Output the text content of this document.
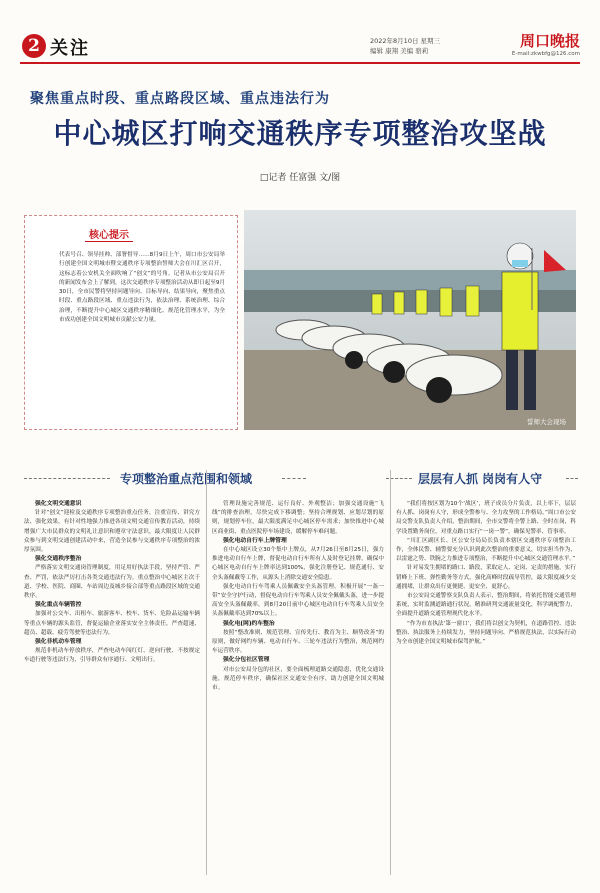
2 关注	2022年8月10日 星期三
编辑 康翔 美编 骆莉
周口晚报
E-mail:zkwbfg@126.com
聚焦重点时段、重点路段区域、重点违法行为
中心城区打响交通秩序专项整治攻坚战
□记者 任富强 文/图
核心提示
代表号召、领导挂帅、部署督导……8月9日上午，周口市公安局举行创建全国文明城市暨交通秩序专项整治誓师大会在川汇区召开，这标志着公安机关全面吹响了“创文”的号角。记者从市公安局召开的新闻发布会上了解到，这次交通秩序专项整治活动从即日起至9月30日，全市民警将坚持问题导向、目标导向、结果导向，聚焦重点时段、重点路段区域、重点违法行为，依法治理、系统治理、综合治理，不断提升中心城区交通秩序精细化、规范化管理水平，为全市成功创建全国文明城市贡献公安力量。
誓师大会现场
专项整治重点范围和领域	层层有人抓 岗岗有人守
强化文明交通意识

针对“创文”迎检及交通秩序专项整治重点任务，注重宣传、讲究方法、强化效果，有针对性地强力推进各项文明交通宣传教育活动，持续增强广大市民群众的文明礼让意识和遵章守法意识，最大限度让人民群众参与到文明交通创建活动中来，营造全民参与交通秩序专项整治的浓厚氛围。

强化交通秩序整治

严格落实文明交通岗管理制度，用足用好执法手段，坚持严管、严查、严罚，依法严厉打击各类交通违法行为。重点整治中心城区主次干道、学校、医院、商圈、车站周边及城乡接合部等重点路段区域的交通秩序。

强化重点车辆管控

加强对公交车、出租车、旅游客车、校车、货车、危险品运输车辆等重点车辆的源头监管，督促运输企业落实安全主体责任，严查超速、超员、超载、疲劳驾驶等违法行为。

强化非机动车管理

规范非机动车停放秩序，严查电动车闯红灯、逆向行驶、不按规定车道行驶等违法行为，引导群众有序通行、文明出行。

管理设施完善规范、运行良好、外观整洁；加强交通设施“飞线”的排查治理，尽快完成下移调整；坚持合理规划、应划尽划的原则，规划停车位，最大限度满足中心城区停车需求；加快推进中心城区商业街、重点医院停车场建设，缓解停车难问题。

强化电动自行车上牌管理

在中心城区设立30个集中上牌点，从7月26日至8月25日，强力推进电动自行车上牌，督促电动自行车所有人及时登记挂牌，确保中心城区电动自行车上牌率达到100%，强化注册登记、规范通行、安全头盔佩戴等工作，从源头上消除交通安全隐患。

强化电动自行车驾乘人员佩戴安全头盔管理。积极开展“一盔一带”安全守护行动，督促电动自行车驾乘人员安全佩戴头盔，进一步提高安全头盔佩戴率，到8月20日前中心城区电动自行车驾乘人员安全头盔佩戴率达到70%以上。

强化电(网)约车整治

按照“整改准则、规范管理、宣传先行、教育为主、顺势改善”的原则，做好网约车辆、电动自行车、三轮车违法行为整治，规范网约车运营秩序。

强化分包社区管理

对市公安局分包的社区，要全面梳理道路交通隐患，优化交通设施，规范停车秩序，确保社区交通安全有序，助力创建全国文明城市。

“我们将按区划为10个‘战区’，班子成员分片负责，以上率下，层层有人抓、岗岗有人守，形成全警参与、全力攻坚的工作格局。”周口市公安局交警支队负责人介绍，整治期间，全市交警将全警上路、全时在岗，科学设置勤务岗位，对重点路口实行“一岗一警”，确保见警率、管事率。

“川汇区副区长、区公安分局局长负责本辖区交通秩序专项整治工作，全体民警、辅警要充分认识到此次整治的重要意义，切实担当作为，以雷霆之势、铁腕之力推进专项整治，不断提升中心城区交通管理水平。”

针对易发生拥堵的路口、路段，采取定人、定岗、定责的措施，实行错峰上下班、弹性勤务等方式，强化高峰时段疏导管控，最大限度减少交通拥堵，让群众出行更便捷、更安全、更舒心。

市公安局交通警察支队负责人表示，整治期间，将依托智能交通管理系统，实时监测道路通行状况，精准研判交通流量变化，科学调配警力，全面提升道路交通管理现代化水平。

“作为市直执法‘第一窗口’，我们将以创文为契机，在道路管控、违法整治、执法服务上持续发力，坚持问题导向、严格规范执法，以实际行动为全市创建全国文明城市保驾护航。”
